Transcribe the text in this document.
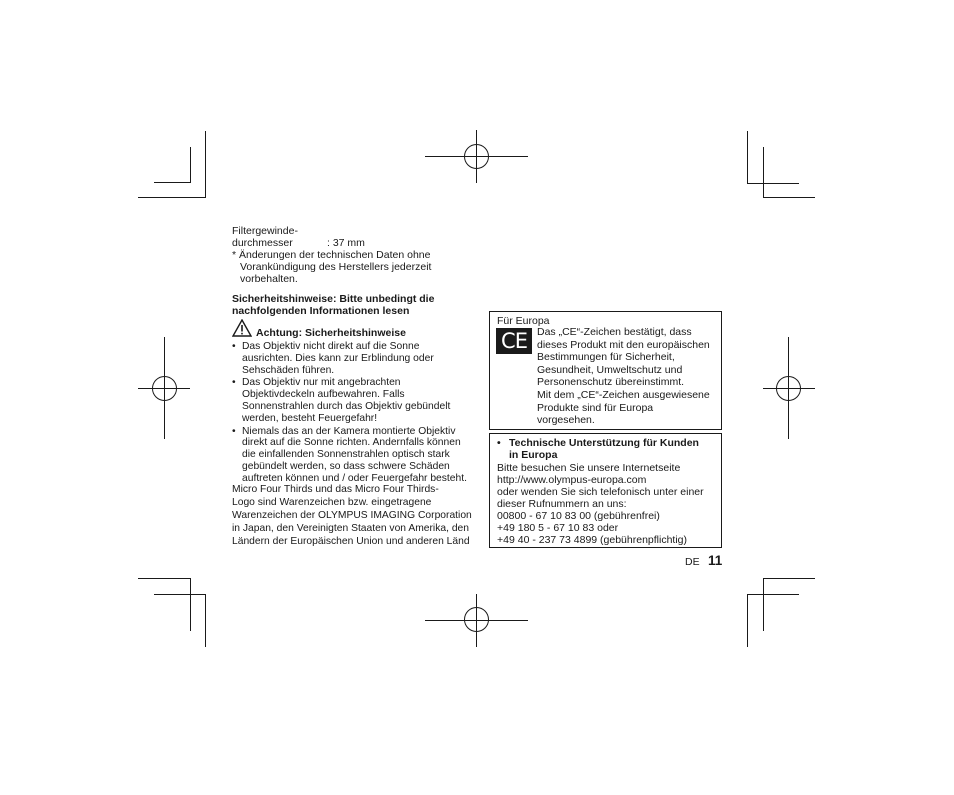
Filtergewinde-
durchmesser	: 37 mm
* Änderungen der technischen Daten ohne
Vorankündigung des Herstellers jederzeit
vorbehalten.
Sicherheitshinweise: Bitte unbedingt die
nachfolgenden Informationen lesen
Achtung: Sicherheitshinweise
• Das Objektiv nicht direkt auf die Sonne
ausrichten. Dies kann zur Erblindung oder
Sehschäden führen.
• Das Objektiv nur mit angebrachten
Objektivdeckeln aufbewahren. Falls
Sonnenstrahlen durch das Objektiv gebündelt
werden, besteht Feuergefahr!
• Niemals das an der Kamera montierte Objektiv
direkt auf die Sonne richten. Andernfalls können
die einfallenden Sonnenstrahlen optisch stark
gebündelt werden, so dass schwere Schäden
auftreten können und / oder Feuergefahr besteht.
Micro Four Thirds und das Micro Four Thirds-
Logo sind Warenzeichen bzw. eingetragene
Warenzeichen der OLYMPUS IMAGING Corporation
in Japan, den Vereinigten Staaten von Amerika, den
Ländern der Europäischen Union und anderen Länd
Für Europa
CE Das „CE“-Zeichen bestätigt, dass
dieses Produkt mit den europäischen
Bestimmungen für Sicherheit,
Gesundheit, Umweltschutz und
Personenschutz übereinstimmt.
Mit dem „CE“-Zeichen ausgewiesene
Produkte sind für Europa
vorgesehen.
• Technische Unterstützung für Kunden
in Europa
Bitte besuchen Sie unsere Internetseite
http://www.olympus-europa.com
oder wenden Sie sich telefonisch unter einer
dieser Rufnummern an uns:
00800 - 67 10 83 00 (gebührenfrei)
+49 180 5 - 67 10 83 oder
+49 40 - 237 73 4899 (gebührenpflichtig)
DE 11
